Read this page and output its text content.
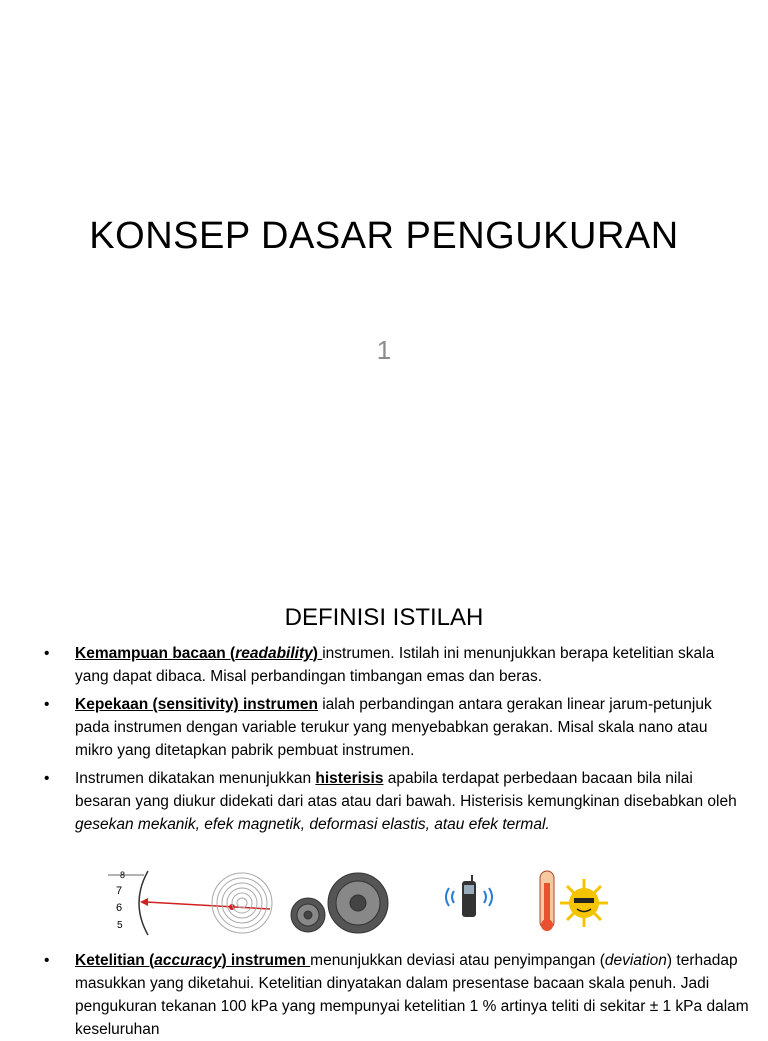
KONSEP DASAR PENGUKURAN
1
DEFINISI ISTILAH
• Kemampuan bacaan (readability) instrumen. Istilah ini menunjukkan berapa ketelitian skala yang dapat dibaca. Misal perbandingan timbangan emas dan beras.
• Kepekaan (sensitivity) instrumen ialah perbandingan antara gerakan linear jarum-petunjuk pada instrumen dengan variable terukur yang menyebabkan gerakan. Misal skala nano atau mikro yang ditetapkan pabrik pembuat instrumen.
• Instrumen dikatakan menunjukkan histerisis apabila terdapat perbedaan bacaan bila nilai besaran yang diukur didekati dari atas atau dari bawah. Histerisis kemungkinan disebabkan oleh gesekan mekanik, efek magnetik, deformasi elastis, atau efek termal.
8
7
6
5
• Ketelitian (accuracy) instrumen menunjukkan deviasi atau penyimpangan (deviation) terhadap masukkan yang diketahui. Ketelitian dinyatakan dalam presentase bacaan skala penuh. Jadi pengukuran tekanan 100 kPa yang mempunyai ketelitian 1 % artinya teliti di sekitar ± 1 kPa dalam keseluruhan
